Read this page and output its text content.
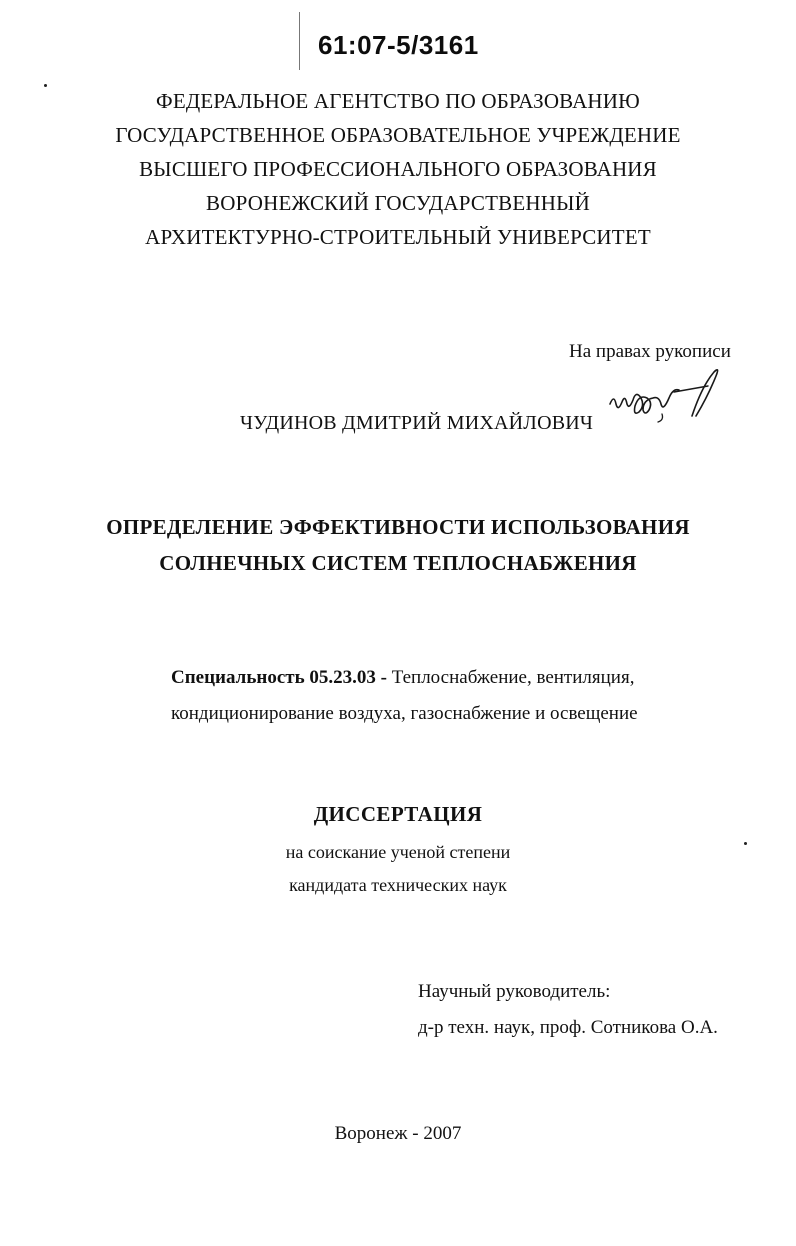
61:07-5/3161
ФЕДЕРАЛЬНОЕ АГЕНТСТВО ПО ОБРАЗОВАНИЮ
ГОСУДАРСТВЕННОЕ ОБРАЗОВАТЕЛЬНОЕ УЧРЕЖДЕНИЕ
ВЫСШЕГО ПРОФЕССИОНАЛЬНОГО ОБРАЗОВАНИЯ
ВОРОНЕЖСКИЙ ГОСУДАРСТВЕННЫЙ
АРХИТЕКТУРНО-СТРОИТЕЛЬНЫЙ УНИВЕРСИТЕТ
На правах рукописи
ЧУДИНОВ ДМИТРИЙ МИХАЙЛОВИЧ
ОПРЕДЕЛЕНИЕ ЭФФЕКТИВНОСТИ ИСПОЛЬЗОВАНИЯ
СОЛНЕЧНЫХ СИСТЕМ ТЕПЛОСНАБЖЕНИЯ
Специальность 05.23.03 - Теплоснабжение, вентиляция,
кондиционирование воздуха, газоснабжение и освещение
ДИССЕРТАЦИЯ
на соискание ученой степени
кандидата технических наук
Научный руководитель:
д-р техн. наук, проф. Сотникова О.А.
Воронеж - 2007
